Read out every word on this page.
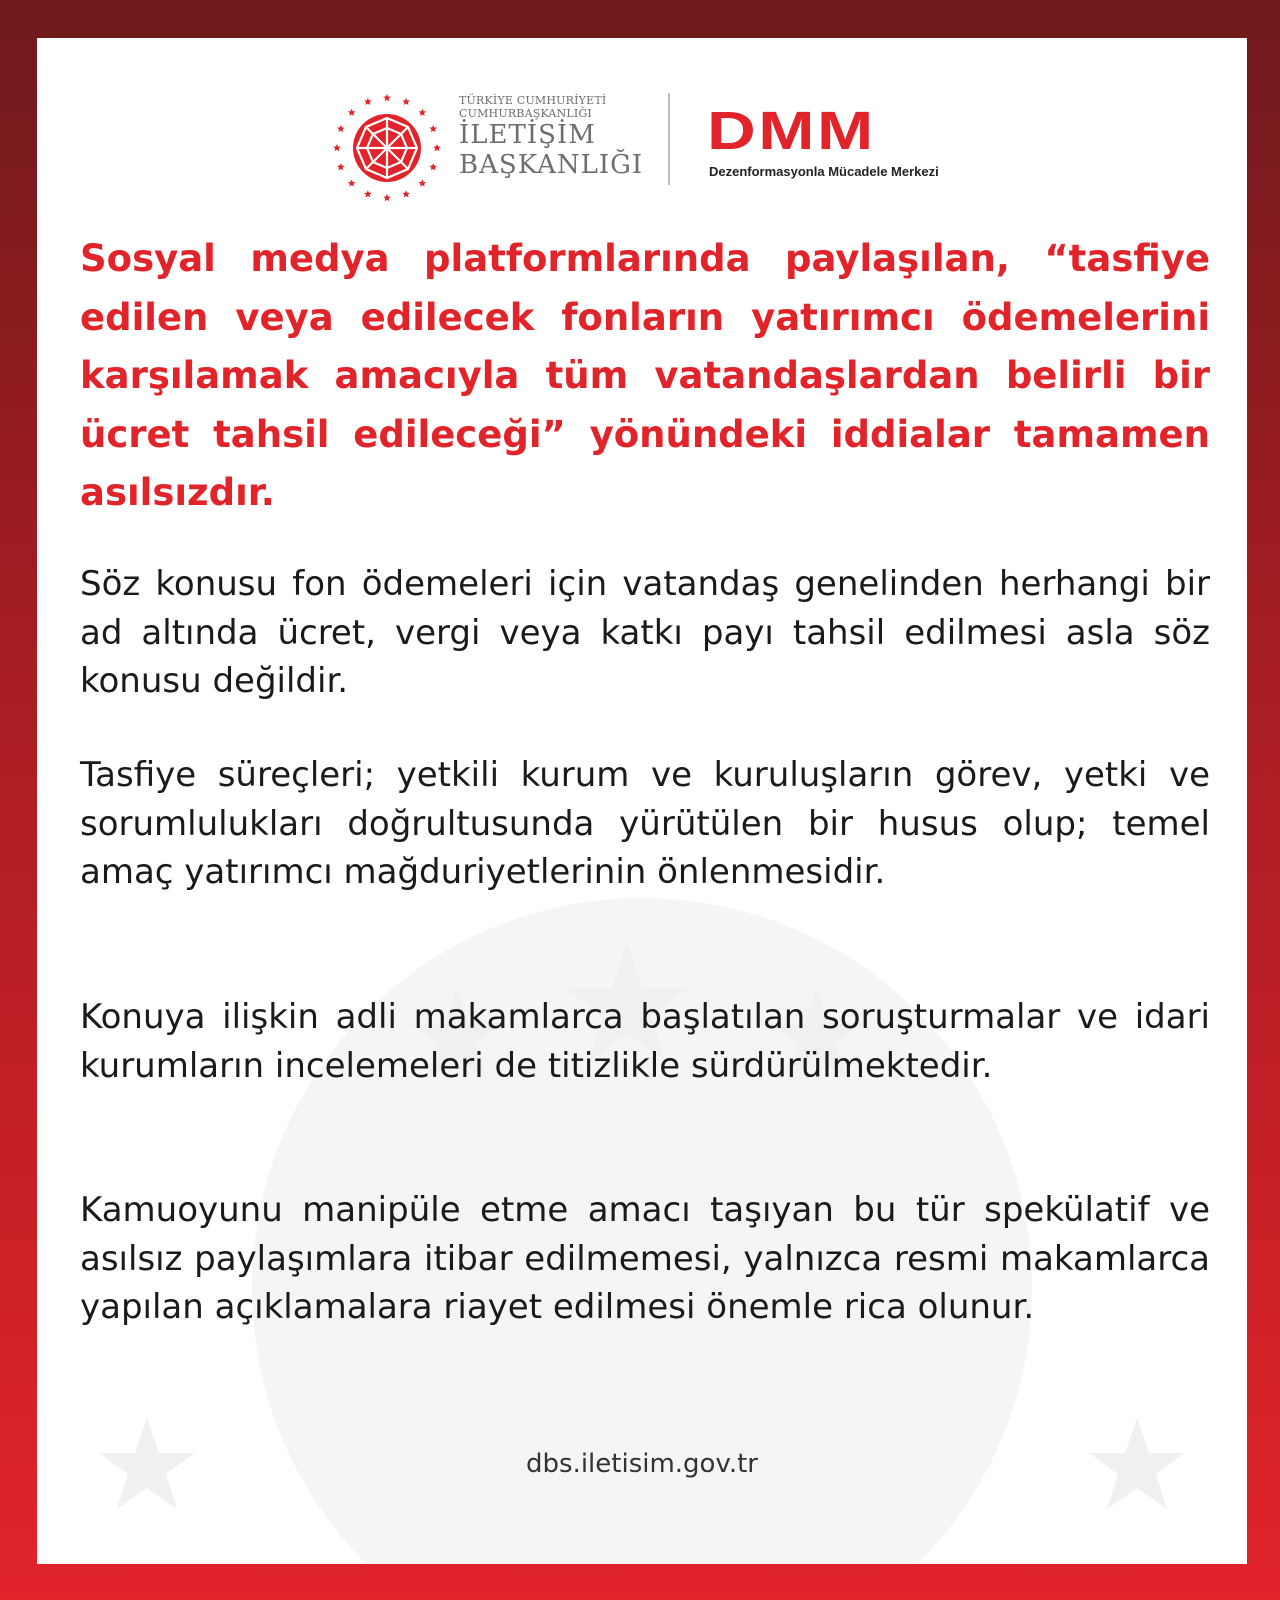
TÜRKİYE CUMHURİYETİ
CUMHURBAŞKANLIĞI
İLETİŞİM
BAŞKANLIĞI
DMM
Dezenformasyonla Mücadele Merkezi

Sosyal medya platformlarında paylaşılan, “tasfiye edilen veya edilecek fonların yatırımcı ödemelerini karşılamak amacıyla tüm vatandaşlardan belirli bir ücret tahsil edileceği” yönündeki iddialar tamamen asılsızdır.

Söz konusu fon ödemeleri için vatandaş genelinden herhangi bir ad altında ücret, vergi veya katkı payı tahsil edilmesi asla söz konusu değildir.

Tasfiye süreçleri; yetkili kurum ve kuruluşların görev, yetki ve sorumlulukları doğrultusunda yürütülen bir husus olup; temel amaç yatırımcı mağduriyetlerinin önlenmesidir.

Konuya ilişkin adli makamlarca başlatılan soruşturmalar ve idari kurumların incelemeleri de titizlikle sürdürülmektedir.

Kamuoyunu manipüle etme amacı taşıyan bu tür spekülatif ve asılsız paylaşımlara itibar edilmemesi, yalnızca resmi makamlarca yapılan açıklamalara riayet edilmesi önemle rica olunur.

dbs.iletisim.gov.tr
